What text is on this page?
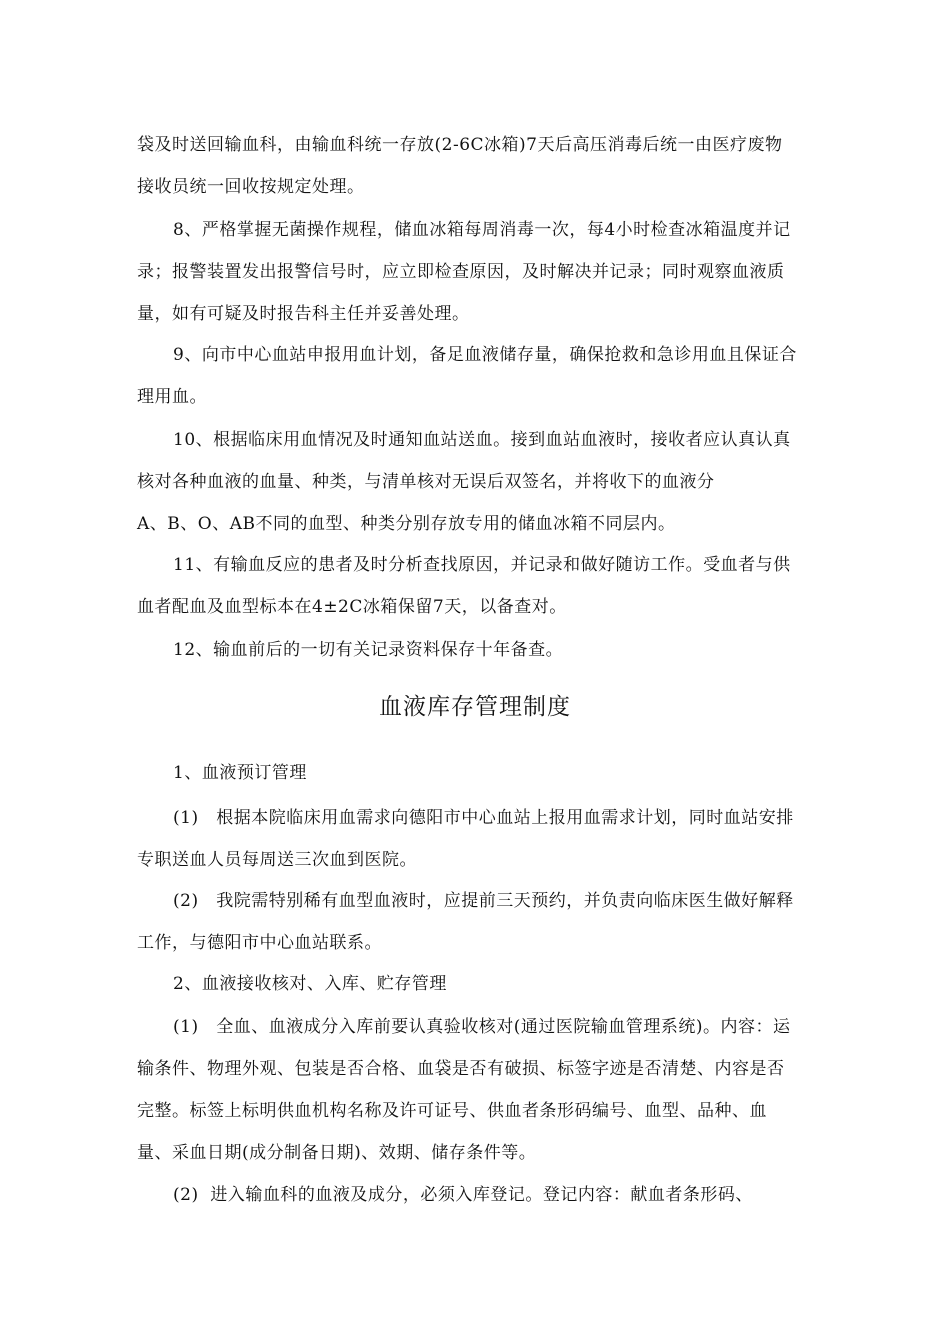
袋及时送回输血科，由输血科统一存放(2-6C冰箱)7天后高压消毒后统一由医疗废物
接收员统一回收按规定处理。
8、严格掌握无菌操作规程，储血冰箱每周消毒一次，每4小时检查冰箱温度并记
录；报警装置发出报警信号时，应立即检查原因，及时解决并记录；同时观察血液质
量，如有可疑及时报告科主任并妥善处理。
9、向市中心血站申报用血计划，备足血液储存量，确保抢救和急诊用血且保证合
理用血。
10、根据临床用血情况及时通知血站送血。接到血站血液时，接收者应认真认真
核对各种血液的血量、种类，与清单核对无误后双签名，并将收下的血液分
A、B、O、AB不同的血型、种类分别存放专用的储血冰箱不同层内。
11、有输血反应的患者及时分析查找原因，并记录和做好随访工作。受血者与供
血者配血及血型标本在4±2C冰箱保留7天，以备查对。
12、输血前后的一切有关记录资料保存十年备查。
血液库存管理制度
1、血液预订管理
(1)   根据本院临床用血需求向德阳市中心血站上报用血需求计划，同时血站安排
专职送血人员每周送三次血到医院。
(2)   我院需特别稀有血型血液时，应提前三天预约，并负责向临床医生做好解释
工作，与德阳市中心血站联系。
2、血液接收核对、入库、贮存管理
(1)   全血、血液成分入库前要认真验收核对(通过医院输血管理系统)。内容：运
输条件、物理外观、包装是否合格、血袋是否有破损、标签字迹是否清楚、内容是否
完整。标签上标明供血机构名称及许可证号、供血者条形码编号、血型、品种、血
量、采血日期(成分制备日期)、效期、储存条件等。
(2)  进入输血科的血液及成分，必须入库登记。登记内容：献血者条形码、
